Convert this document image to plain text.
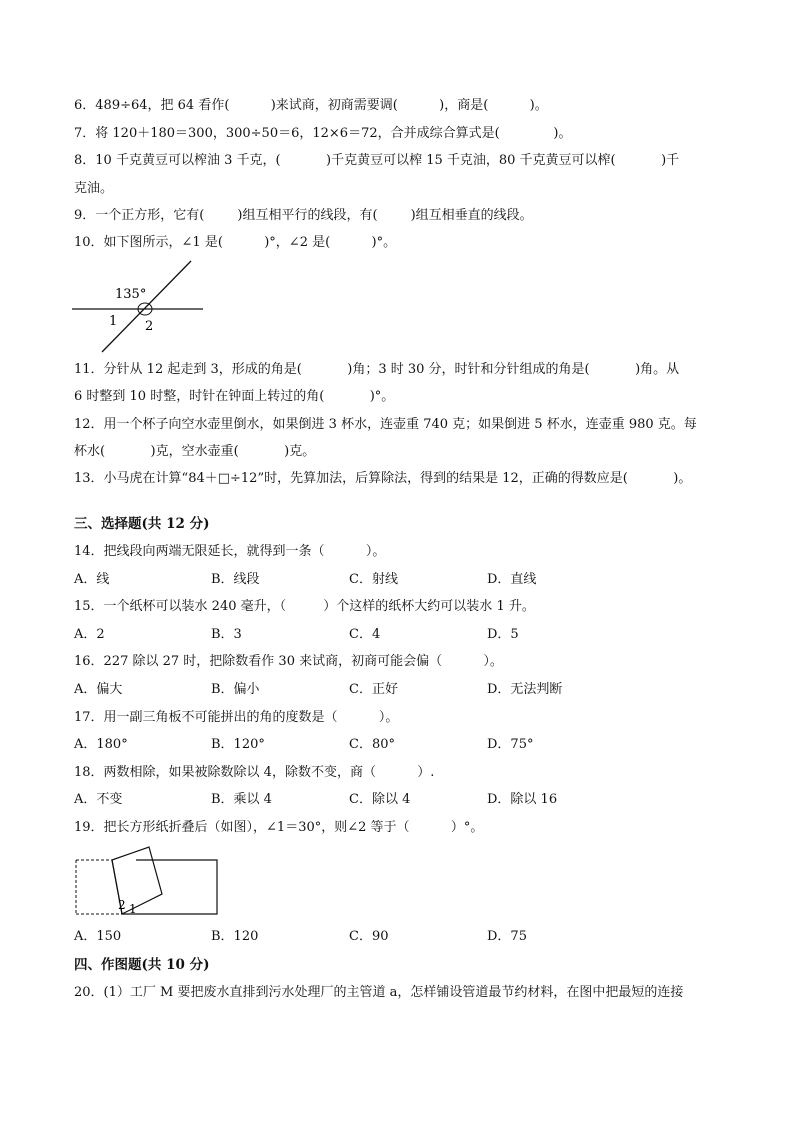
6．489÷64，把 64 看作(          )来试商，初商需要调(          )，商是(          )。
7．将 120＋180＝300，300÷50＝6，12×6＝72，合并成综合算式是(             )。
8．10 千克黄豆可以榨油 3 千克，(           )千克黄豆可以榨 15 千克油，80 千克黄豆可以榨(           )千
克油。
9．一个正方形，它有(        )组互相平行的线段，有(        )组互相垂直的线段。
10．如下图所示，∠1 是(          )°，∠2 是(          )°。
135°
1 2
11．分针从 12 起走到 3，形成的角是(           )角；3 时 30 分，时针和分针组成的角是(           )角。从
6 时整到 10 时整，时针在钟面上转过的角(           )°。
12．用一个杯子向空水壶里倒水，如果倒进 3 杯水，连壶重 740 克；如果倒进 5 杯水，连壶重 980 克。每
杯水(           )克，空水壶重(           )克。
13．小马虎在计算“84＋□÷12”时，先算加法，后算除法，得到的结果是 12，正确的得数应是(           )。
三、选择题(共 12 分)
14．把线段向两端无限延长，就得到一条（          ）。
A．线	B．线段	C．射线	D．直线
15．一个纸杯可以装水 240 毫升，（         ）个这样的纸杯大约可以装水 1 升。
A．2	B．3	C．4	D．5
16．227 除以 27 时，把除数看作 30 来试商，初商可能会偏（          ）。
A．偏大	B．偏小	C．正好	D．无法判断
17．用一副三角板不可能拼出的角的度数是（          ）。
A．180°	B．120°	C．80°	D．75°
18．两数相除，如果被除数除以 4，除数不变，商（          ）.
A．不变	B．乘以 4	C．除以 4	D．除以 16
19．把长方形纸折叠后（如图），∠1＝30°，则∠2 等于（          ）°。
2 1
A．150	B．120	C．90	D．75
四、作图题(共 10 分)
20．(1）工厂 M 要把废水直排到污水处理厂的主管道 a，怎样铺设管道最节约材料，在图中把最短的连接
